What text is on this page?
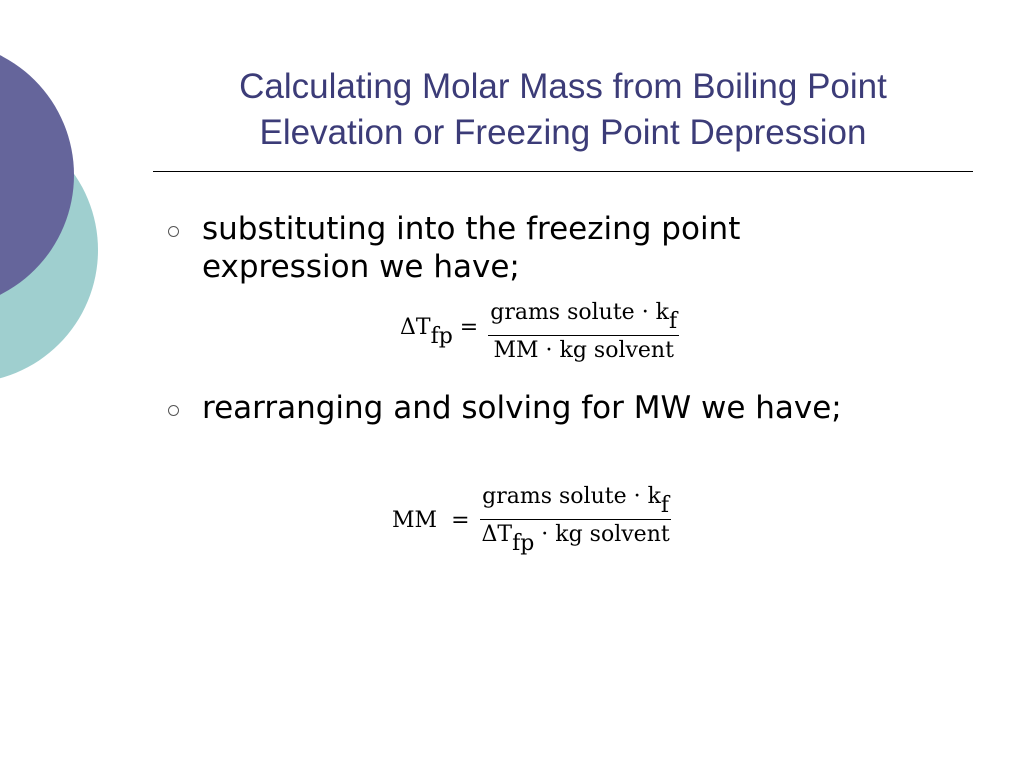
Calculating Molar Mass from Boiling Point
Elevation or Freezing Point Depression
substituting into the freezing point
expression we have;
$\Delta Tfp = \frac{\text{grams solute · kf}}{\text{MM · kg solvent}}$
rearranging and solving for MW we have;
MM = $\frac{\text{grams solute · kf}}{\text{ΔTfp · kg solvent}}$
